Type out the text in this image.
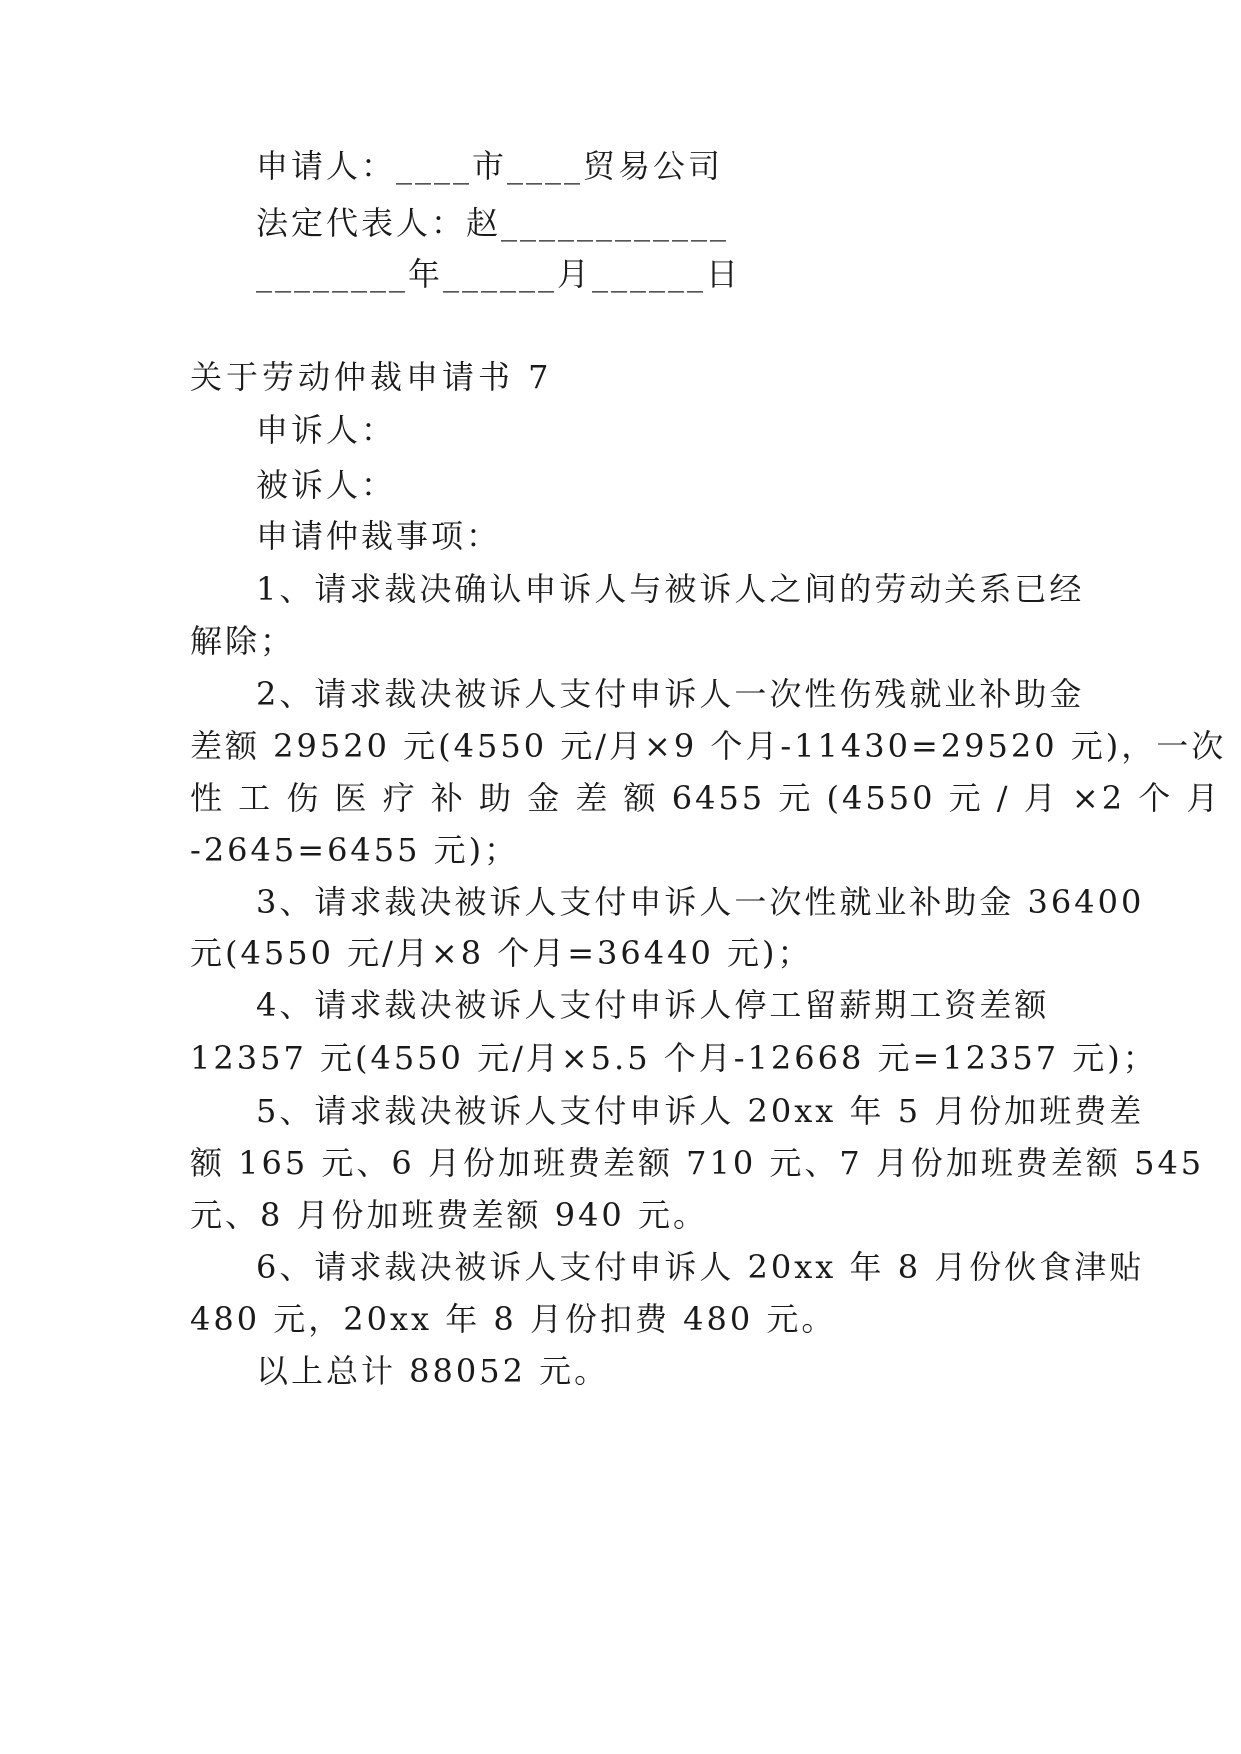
申请人：____市____贸易公司
法定代表人：赵____________
________年______月______日
关于劳动仲裁申请书 7
申诉人：
被诉人：
申请仲裁事项：
1、请求裁决确认申诉人与被诉人之间的劳动关系已经
解除；
2、请求裁决被诉人支付申诉人一次性伤残就业补助金
差额 29520 元(4550 元/月×9 个月-11430=29520 元)，一次
性 工 伤 医 疗 补 助 金 差 额 6455 元 (4550 元 / 月 ×2 个 月
-2645=6455 元)；
3、请求裁决被诉人支付申诉人一次性就业补助金 36400
元(4550 元/月×8 个月=36440 元)；
4、请求裁决被诉人支付申诉人停工留薪期工资差额
12357 元(4550 元/月×5.5 个月-12668 元=12357 元)；
5、请求裁决被诉人支付申诉人 20xx 年 5 月份加班费差
额 165 元、6 月份加班费差额 710 元、7 月份加班费差额 545
元、8 月份加班费差额 940 元。
6、请求裁决被诉人支付申诉人 20xx 年 8 月份伙食津贴
480 元，20xx 年 8 月份扣费 480 元。
以上总计 88052 元。
